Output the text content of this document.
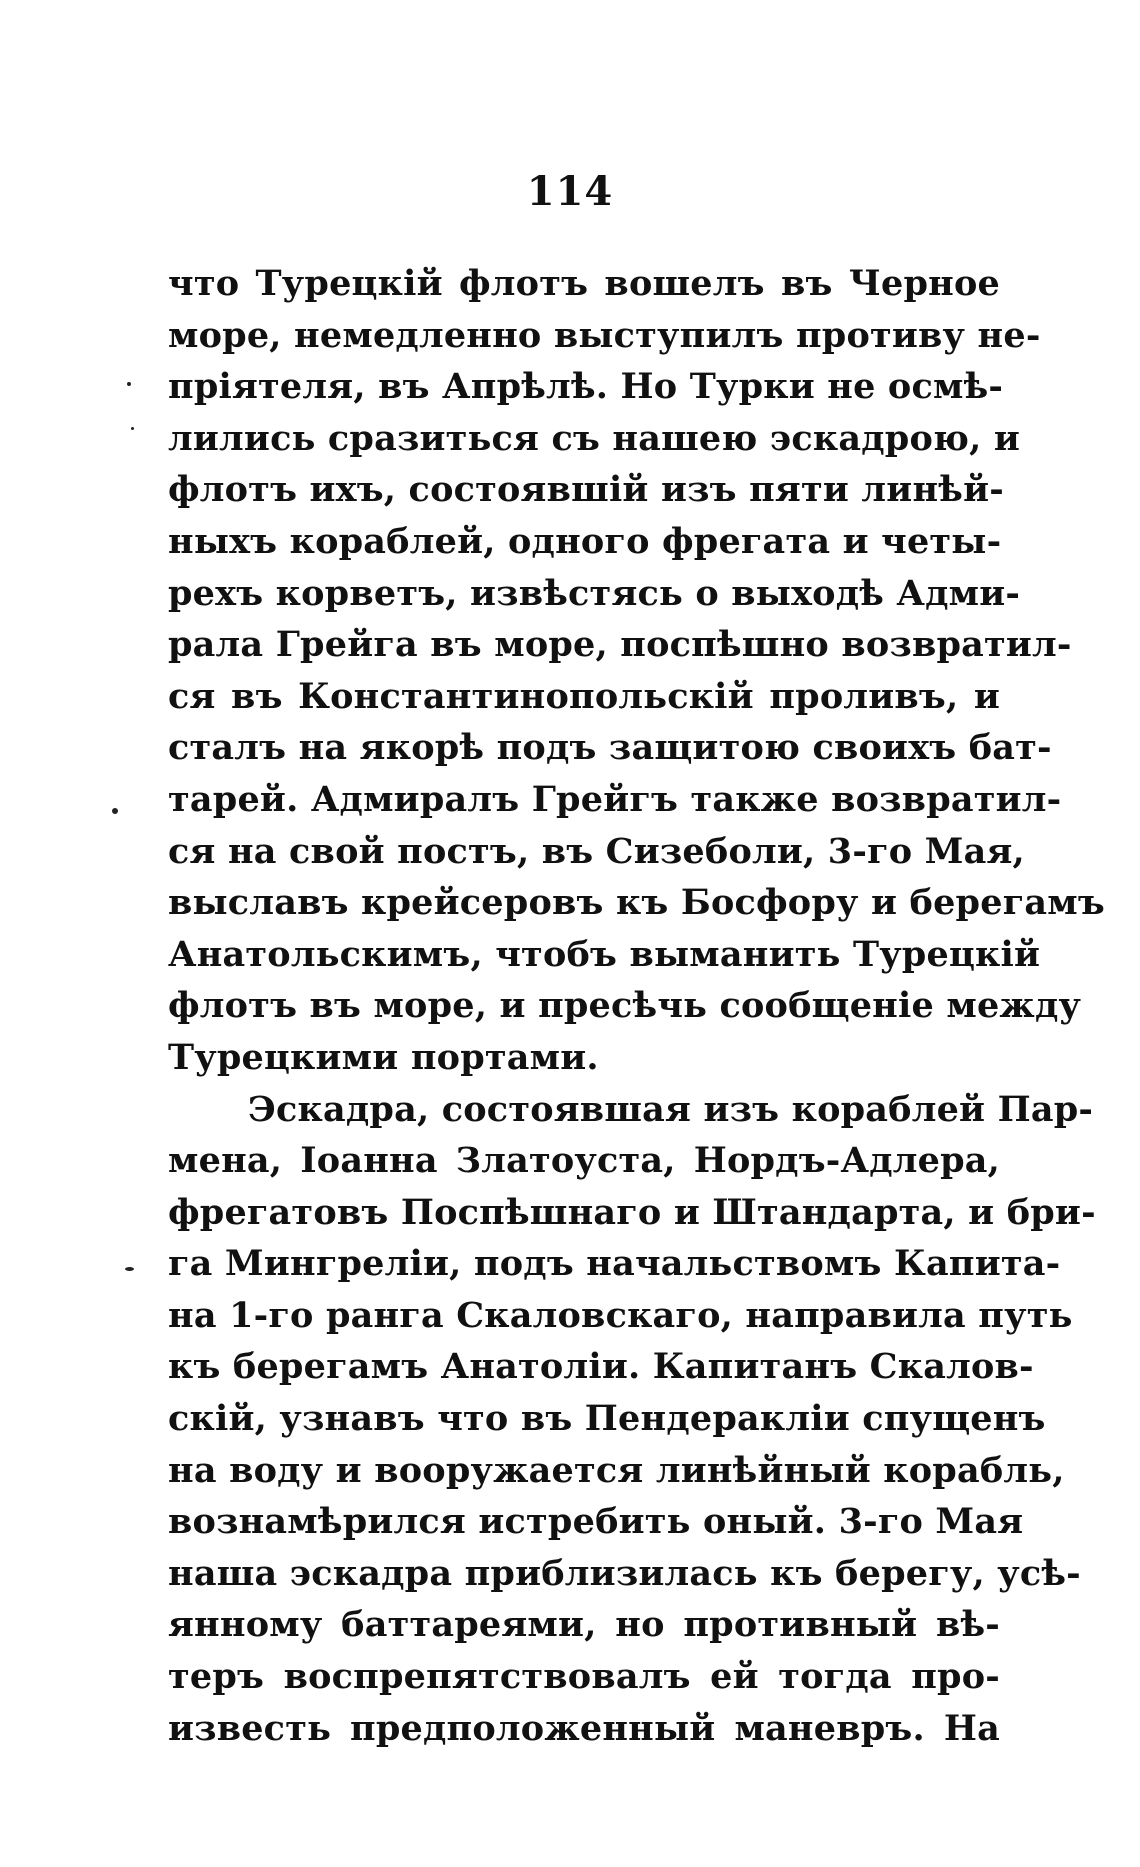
114
что Турецкій флотъ вошелъ въ Черное
море, немедленно выступилъ противу не-
пріятеля, въ Апрѣлѣ. Но Турки не осмѣ-
лились сразиться съ нашею эскадрою, и
флотъ ихъ, состоявшій изъ пяти линѣй-
ныхъ кораблей, одного фрегата и четы-
рехъ корветъ, извѣстясь о выходѣ Адми-
рала Грейга въ море, поспѣшно возвратил-
ся въ Константинопольскій проливъ, и
сталъ на якорѣ подъ защитою своихъ бат-
тарей. Адмиралъ Грейгъ также возвратил-
ся на свой постъ, въ Сизеболи, 3-го Мая,
выславъ крейсеровъ къ Босфору и берегамъ
Анатольскимъ, чтобъ выманить Турецкій
флотъ въ море, и пресѣчь сообщеніе между
Турецкими портами.
Эскадра, состоявшая изъ кораблей Пар-
мена, Іоанна Златоуста, Нордъ-Адлера,
фрегатовъ Поспѣшнаго и Штандарта, и бри-
га Мингреліи, подъ начальствомъ Капита-
на 1-го ранга Скаловскаго, направила путь
къ берегамъ Анатоліи. Капитанъ Скалов-
скій, узнавъ что въ Пендеракліи спущенъ
на воду и вооружается линѣйный корабль,
вознамѣрился истребить оный. 3-го Мая
наша эскадра приблизилась къ берегу, усѣ-
янному баттареями, но противный вѣ-
теръ воспрепятствовалъ ей тогда про-
известь предположенный маневръ. На
